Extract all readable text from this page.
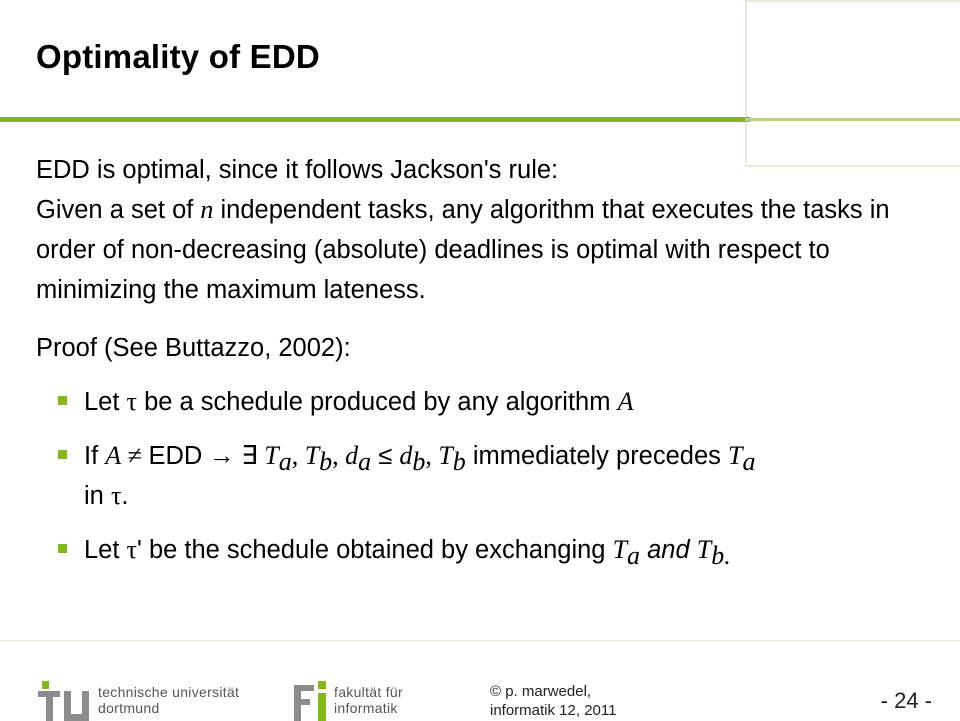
Optimality of EDD

EDD is optimal, since it follows Jackson's rule:
Given a set of n independent tasks, any algorithm that executes the tasks in order of non-decreasing (absolute) deadlines is optimal with respect to minimizing the maximum lateness.

Proof (See Buttazzo, 2002):

Let τ be a schedule produced by any algorithm A
If A ≠ EDD → ∃ $T_a$, $T_b$, $d_a \le d_b$, $T_b$ immediately precedes $T_a$
in τ.
Let τ' be the schedule obtained by exchanging $T_a$ and $T_{b.}$
technische universität
dortmund
fakultät für
informatik
© p. marwedel,
informatik 12, 2011	- 24 -
